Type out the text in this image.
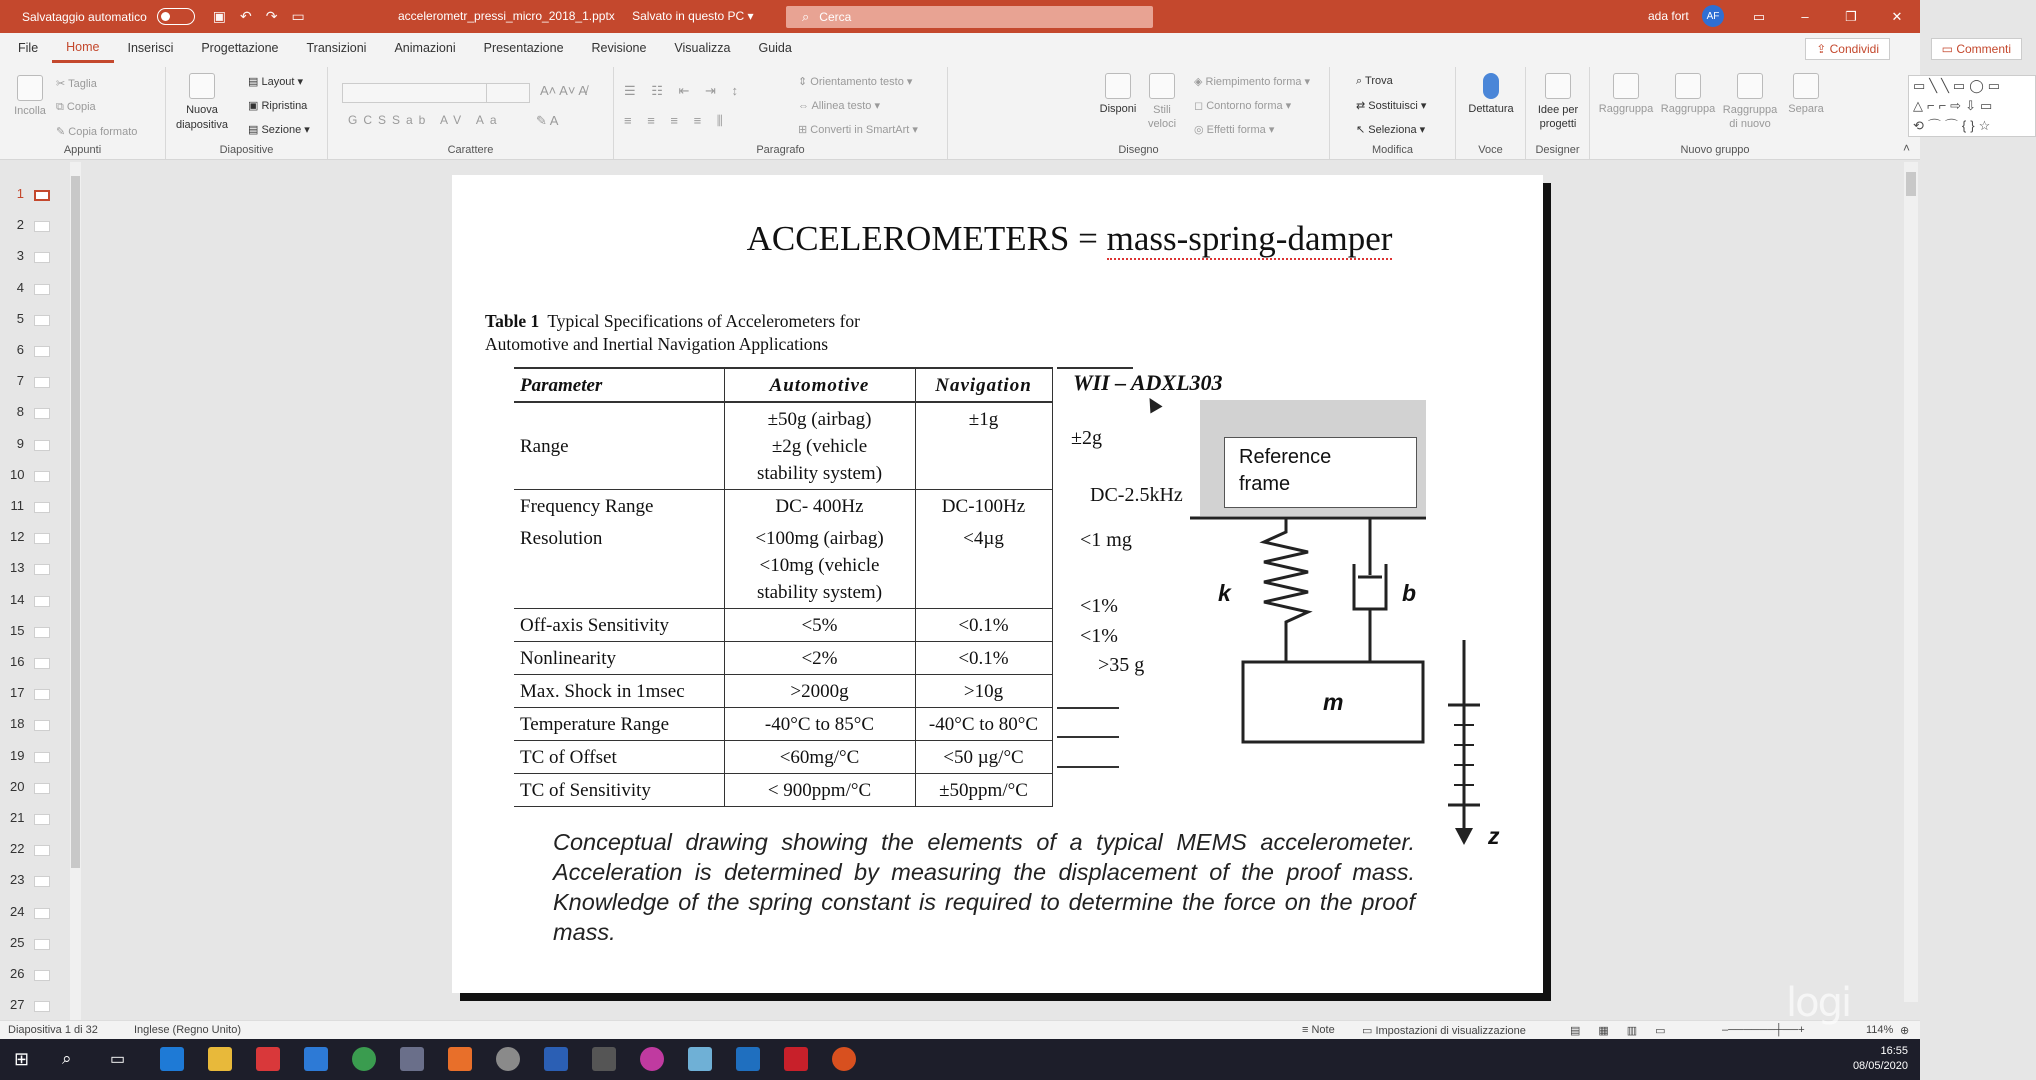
Salvataggio automatico	▣↶↷▭	accelerometr_pressi_micro_2018_1.pptx Salvato in questo PC ▾	⌕ Cerca	ada fort	AF	▭	–	❐	✕
File	Home	Inserisci	Progettazione	Transizioni	Animazioni	Presentazione	Revisione	Visualizza	Guida	⇪ Condividi	▭ Commenti
Incolla
✂ Taglia
⧉ Copia
✎ Copia formato
Appunti
Nuova diapositiva
▤ Layout ▾
▣ Ripristina
▤ Sezione ▾
Diapositive
A˄ A˅ A̸
GCSSab AV Aa	✎ A
Carattere
☰ ☷ ⇤ ⇥ ↕
≡ ≡ ≡ ≡ ⫼
⇕ Orientamento testo ▾
⇔ Allinea testo ▾
⊞ Converti in SmartArt ▾
Paragrafo
▭╲╲▭◯▭
△⌐⌐⇨⇩▭
⟲⌒⌒{}☆
Disponi	Stili veloci
◈ Riempimento forma ▾
◻ Contorno forma ▾
◎ Effetti forma ▾
Disegno
⌕ Trova
⇄ Sostituisci ▾
↖ Seleziona ▾
Modifica
Dettatura
Voce
Idee per progetti
Designer
Raggruppa Raggruppa Raggruppa di nuovo
Separa
Nuovo gruppo	˄
1
2
3
4
5
6
7
8
9
10
11
12
13
14
15
16
17
18
19
20
21
22
23
24
25
26
27
ACCELEROMETERS = mass-spring-damper
Table 1 Typical Specifications of Accelerometers for
Automotive and Inertial Navigation Applications
Parameter	Automotive	Navigation
Range	±50g (airbag)
±2g (vehicle
stability system)	±1g
Frequency Range	DC- 400Hz	DC-100Hz
Resolution	<100mg (airbag)
<10mg (vehicle
stability system)	<4µg
Off-axis Sensitivity	<5%	<0.1%
Nonlinearity	<2%	<0.1%
Max. Shock in 1msec	>2000g	>10g
Temperature Range	-40°C to 85°C	-40°C to 80°C
TC of Offset	<60mg/°C	<50 µg/°C
TC of Sensitivity	< 900ppm/°C	±50ppm/°C
WII – ADXL303
±2g
DC-2.5kHz
<1 mg
<1%
<1%
>35 g
Reference
frame
k	b
m
z
Conceptual drawing showing the elements of a typical MEMS accelerometer. Acceleration is determined by measuring the displacement of the proof mass. Knowledge of the spring constant is required to determine the force on the proof mass.
Diapositiva 1 di 32	Inglese (Regno Unito)	≡ Note ▭ Impostazioni di visualizzazione	▤▦▥▭	–──────┼──+	114% ⊕
⊞ ⌕ ▭	16:55
08/05/2020
logi
